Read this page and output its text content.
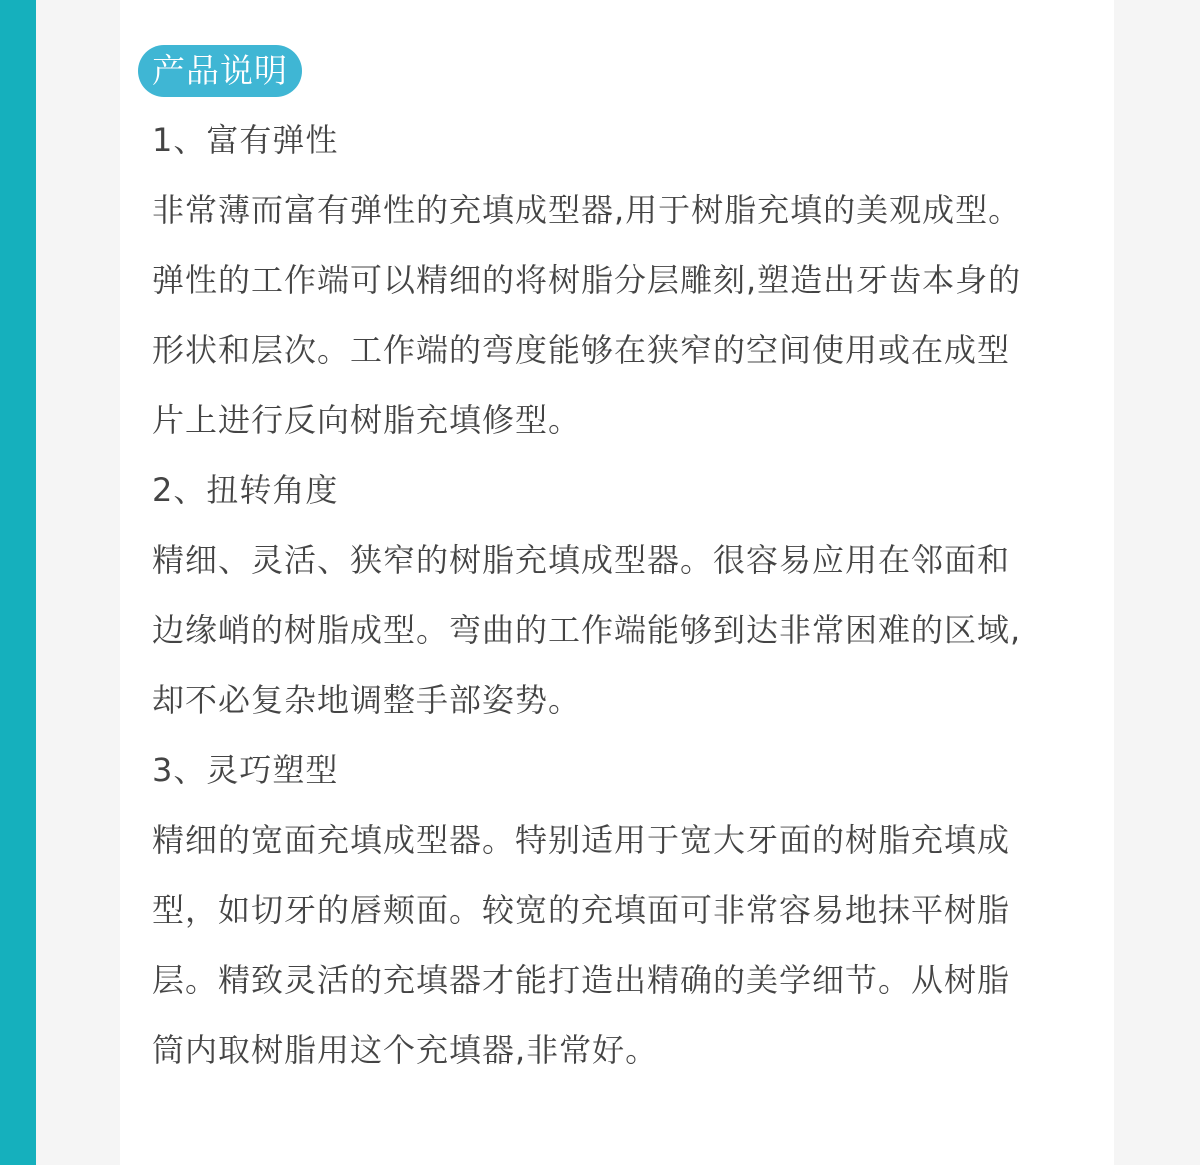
产品说明
1、富有弹性
非常薄而富有弹性的充填成型器,用于树脂充填的美观成型。
弹性的工作端可以精细的将树脂分层雕刻,塑造出牙齿本身的
形状和层次。工作端的弯度能够在狭窄的空间使用或在成型
片上进行反向树脂充填修型。
2、扭转角度
精细、灵活、狭窄的树脂充填成型器。很容易应用在邻面和
边缘峭的树脂成型。弯曲的工作端能够到达非常困难的区域,
却不必复杂地调整手部姿势。
3、灵巧塑型
精细的宽面充填成型器。特别适用于宽大牙面的树脂充填成
型，如切牙的唇颊面。较宽的充填面可非常容易地抹平树脂
层。精致灵活的充填器才能打造出精确的美学细节。从树脂
筒内取树脂用这个充填器,非常好。
